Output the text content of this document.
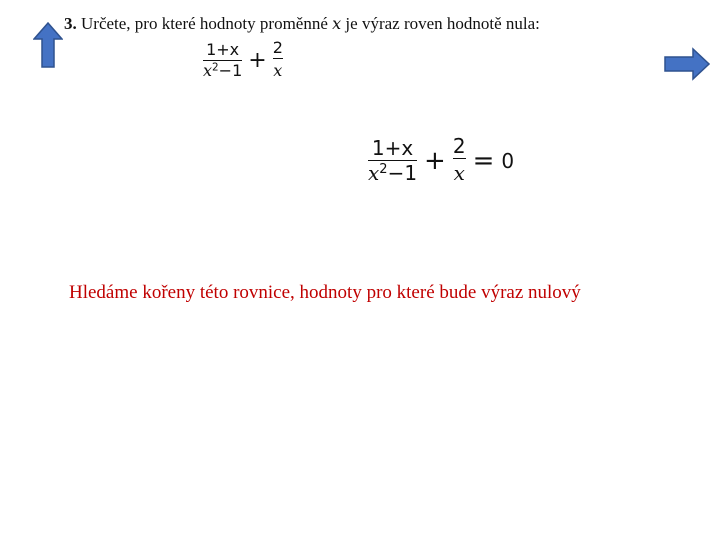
3. Určete, pro které hodnoty proměnné x je výraz roven hodnotě nula:
$\frac{1+x}{x^2-1} + \frac{2}{x}$
$\frac{1+x}{x^2-1} + \frac{2}{x} = 0$
Hledáme kořeny této rovnice, hodnoty pro které bude výraz nulový
